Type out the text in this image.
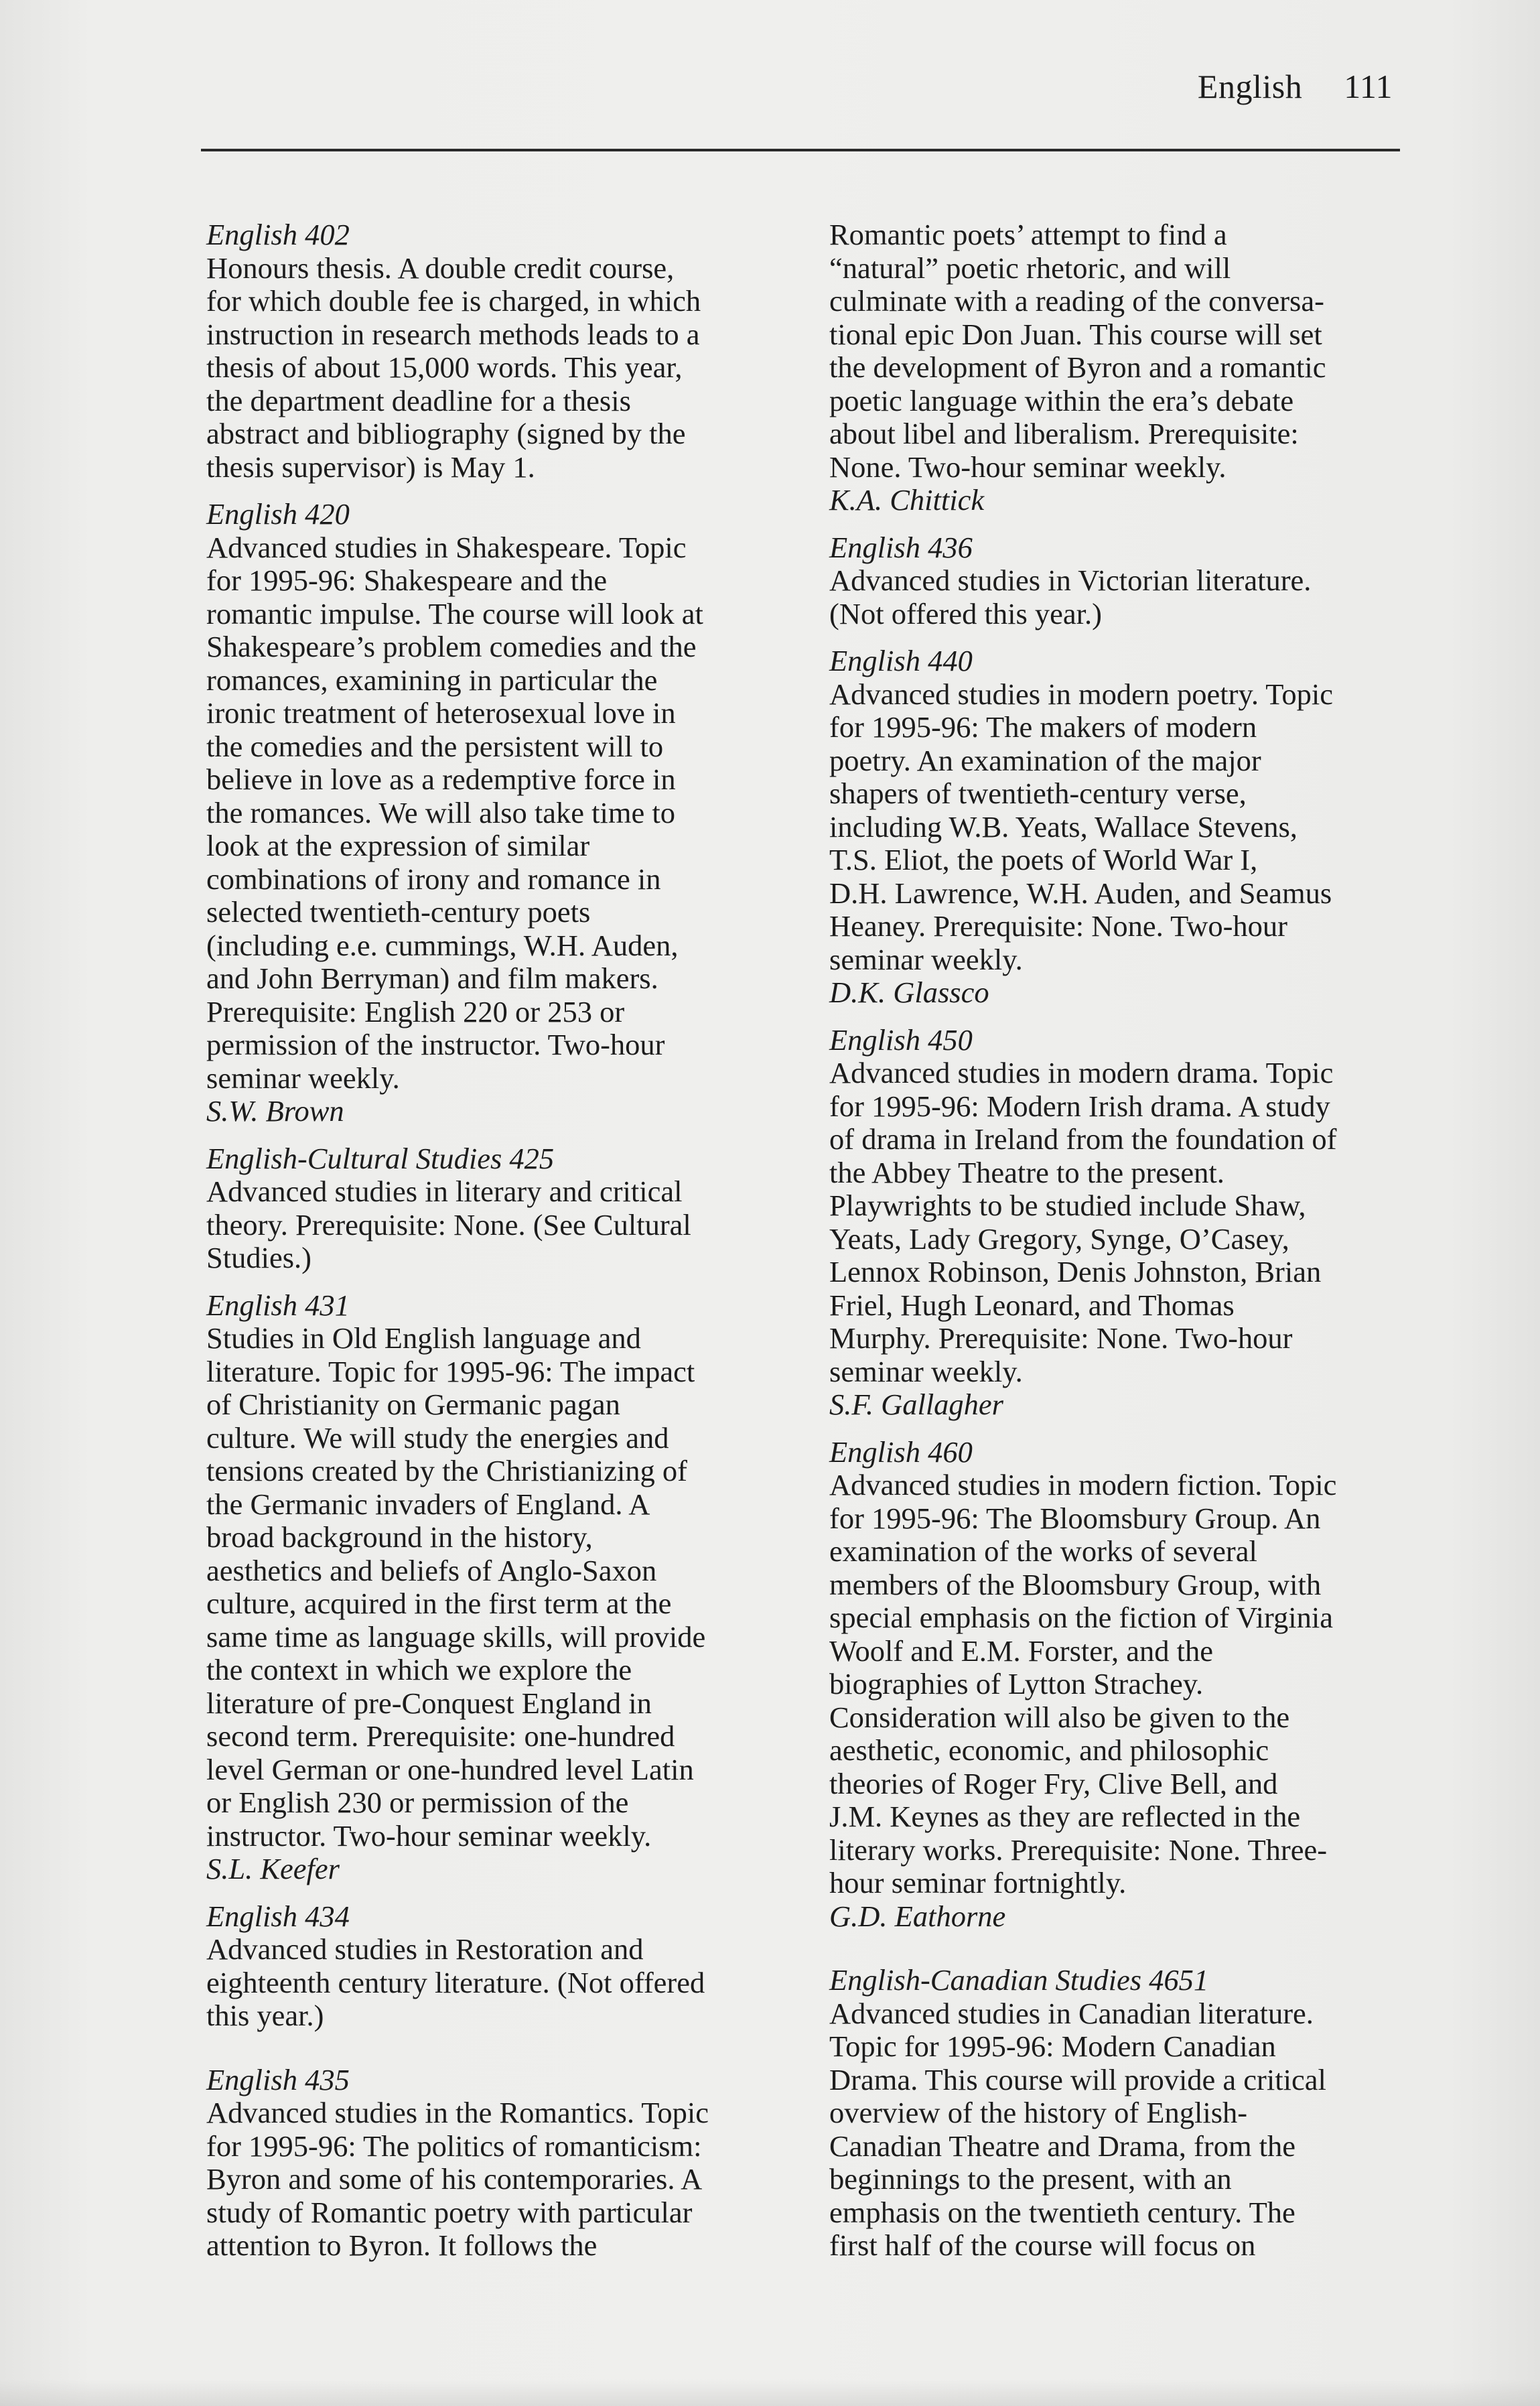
English 111
English 402
Honours thesis. A double credit course,
for which double fee is charged, in which
instruction in research methods leads to a
thesis of about 15,000 words. This year,
the department deadline for a thesis
abstract and bibliography (signed by the
thesis supervisor) is May 1.
English 420
Advanced studies in Shakespeare. Topic
for 1995-96: Shakespeare and the
romantic impulse. The course will look at
Shakespeare’s problem comedies and the
romances, examining in particular the
ironic treatment of heterosexual love in
the comedies and the persistent will to
believe in love as a redemptive force in
the romances. We will also take time to
look at the expression of similar
combinations of irony and romance in
selected twentieth-century poets
(including e.e. cummings, W.H. Auden,
and John Berryman) and film makers.
Prerequisite: English 220 or 253 or
permission of the instructor. Two-hour
seminar weekly.
S.W. Brown
English-Cultural Studies 425
Advanced studies in literary and critical
theory. Prerequisite: None. (See Cultural
Studies.)
English 431
Studies in Old English language and
literature. Topic for 1995-96: The impact
of Christianity on Germanic pagan
culture. We will study the energies and
tensions created by the Christianizing of
the Germanic invaders of England. A
broad background in the history,
aesthetics and beliefs of Anglo-Saxon
culture, acquired in the first term at the
same time as language skills, will provide
the context in which we explore the
literature of pre-Conquest England in
second term. Prerequisite: one-hundred
level German or one-hundred level Latin
or English 230 or permission of the
instructor. Two-hour seminar weekly.
S.L. Keefer
English 434
Advanced studies in Restoration and
eighteenth century literature. (Not offered
this year.)
English 435
Advanced studies in the Romantics. Topic
for 1995-96: The politics of romanticism:
Byron and some of his contemporaries. A
study of Romantic poetry with particular
attention to Byron. It follows the
Romantic poets’ attempt to find a
“natural” poetic rhetoric, and will
culminate with a reading of the conversa-
tional epic Don Juan. This course will set
the development of Byron and a romantic
poetic language within the era’s debate
about libel and liberalism. Prerequisite:
None. Two-hour seminar weekly.
K.A. Chittick
English 436
Advanced studies in Victorian literature.
(Not offered this year.)
English 440
Advanced studies in modern poetry. Topic
for 1995-96: The makers of modern
poetry. An examination of the major
shapers of twentieth-century verse,
including W.B. Yeats, Wallace Stevens,
T.S. Eliot, the poets of World War I,
D.H. Lawrence, W.H. Auden, and Seamus
Heaney. Prerequisite: None. Two-hour
seminar weekly.
D.K. Glassco
English 450
Advanced studies in modern drama. Topic
for 1995-96: Modern Irish drama. A study
of drama in Ireland from the foundation of
the Abbey Theatre to the present.
Playwrights to be studied include Shaw,
Yeats, Lady Gregory, Synge, O’Casey,
Lennox Robinson, Denis Johnston, Brian
Friel, Hugh Leonard, and Thomas
Murphy. Prerequisite: None. Two-hour
seminar weekly.
S.F. Gallagher
English 460
Advanced studies in modern fiction. Topic
for 1995-96: The Bloomsbury Group. An
examination of the works of several
members of the Bloomsbury Group, with
special emphasis on the fiction of Virginia
Woolf and E.M. Forster, and the
biographies of Lytton Strachey.
Consideration will also be given to the
aesthetic, economic, and philosophic
theories of Roger Fry, Clive Bell, and
J.M. Keynes as they are reflected in the
literary works. Prerequisite: None. Three-
hour seminar fortnightly.
G.D. Eathorne
English-Canadian Studies 4651
Advanced studies in Canadian literature.
Topic for 1995-96: Modern Canadian
Drama. This course will provide a critical
overview of the history of English-
Canadian Theatre and Drama, from the
beginnings to the present, with an
emphasis on the twentieth century. The
first half of the course will focus on
